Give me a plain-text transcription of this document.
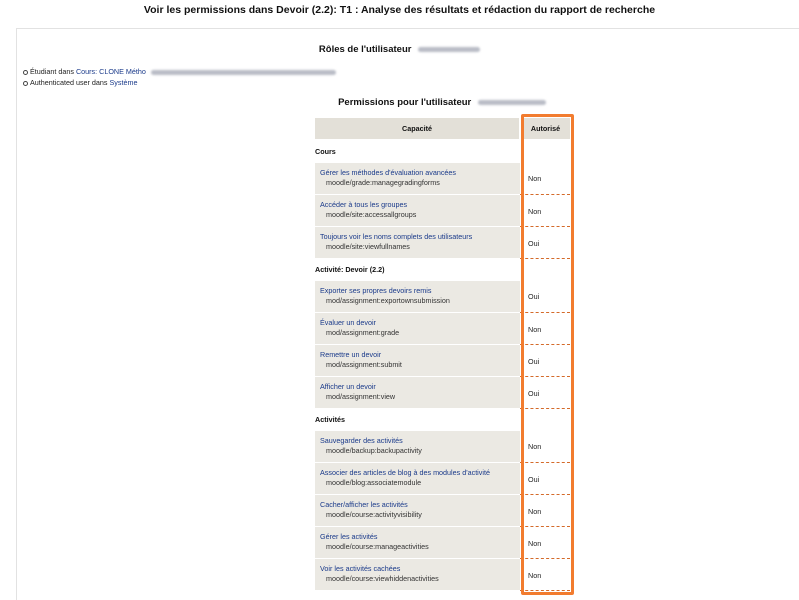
Voir les permissions dans Devoir (2.2): T1 : Analyse des résultats et rédaction du rapport de recherche
Rôles de l'utilisateur
Étudiant dans Cours: CLONE Métho
Authenticated user dans Système
Permissions pour l'utilisateur
Capacité	Autorisé
Cours	

Gérer les méthodes d'évaluation avancées
moodle/grade:managegradingforms	Non

Accéder à tous les groupes
moodle/site:accessallgroups	Non

Toujours voir les noms complets des utilisateurs
moodle/site:viewfullnames	Oui
Activité: Devoir (2.2)	

Exporter ses propres devoirs remis
mod/assignment:exportownsubmission	Oui

Évaluer un devoir
mod/assignment:grade	Non

Remettre un devoir
mod/assignment:submit	Oui

Afficher un devoir
mod/assignment:view	Oui
Activités	

Sauvegarder des activités
moodle/backup:backupactivity	Non

Associer des articles de blog à des modules d'activité
moodle/blog:associatemodule	Oui

Cacher/afficher les activités
moodle/course:activityvisibility	Non

Gérer les activités
moodle/course:manageactivities	Non

Voir les activités cachées
moodle/course:viewhiddenactivities	Non
